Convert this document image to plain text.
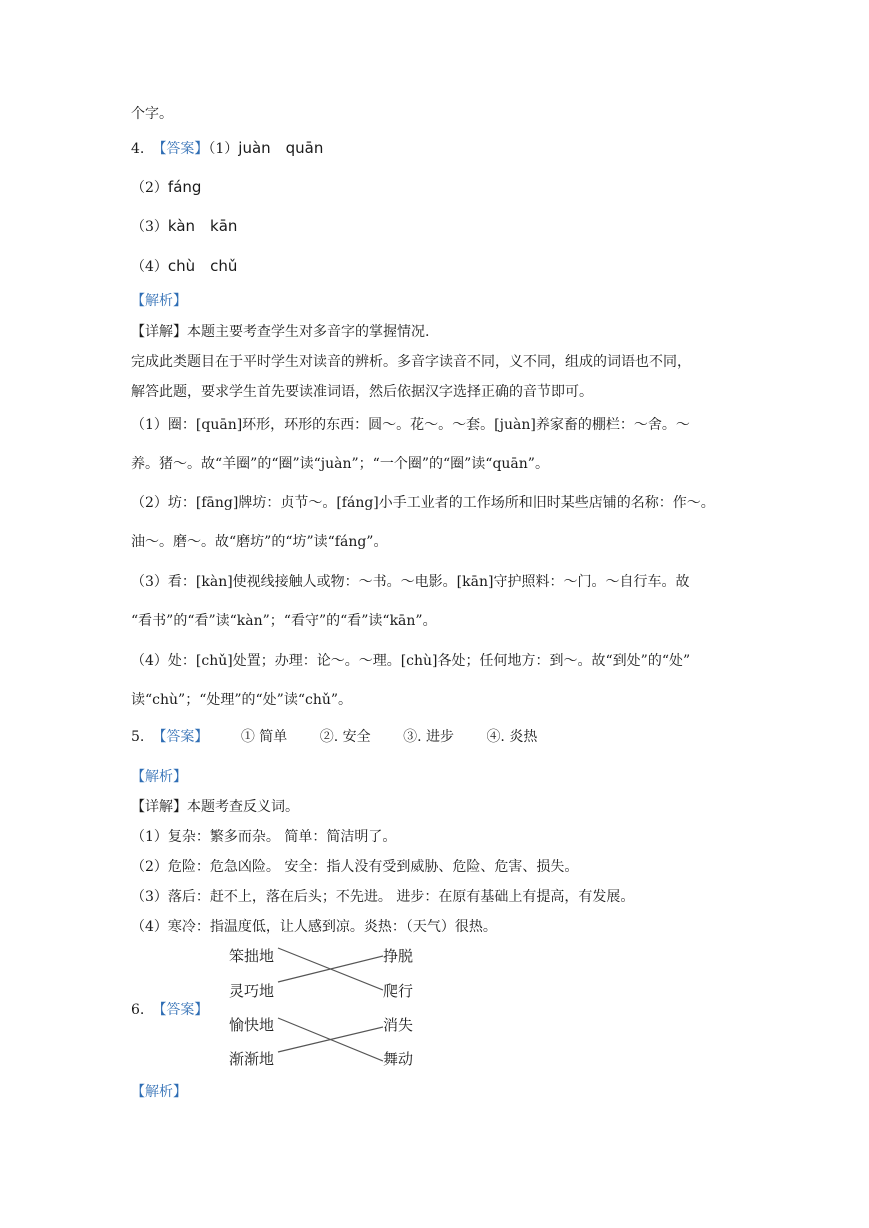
个字。
4. 【答案】（1）juàn　quān
（2）fáng
（3）kàn　kān
（4）chù　chǔ
【解析】
【详解】本题主要考查学生对多音字的掌握情况.
完成此类题目在于平时学生对读音的辨析。多音字读音不同，义不同，组成的词语也不同，
解答此题，要求学生首先要读准词语，然后依据汉字选择正确的音节即可。
（1）圈：[quān]环形，环形的东西：圆～。花～。～套。[juàn]养家畜的棚栏：～舍。～
养。猪～。故“羊圈”的“圈”读“juàn”；“一个圈”的“圈”读“quān”。
（2）坊：[fāng]牌坊：贞节～。[fáng]小手工业者的工作场所和旧时某些店铺的名称：作～。
油～。磨～。故“磨坊”的“坊”读“fáng”。
（3）看：[kàn]使视线接触人或物：～书。～电影。[kān]守护照料：～门。～自行车。故
“看书”的“看”读“kàn”；“看守”的“看”读“kān”。
（4）处：[chǔ]处置；办理：论～。～理。[chù]各处；任何地方：到～。故“到处”的“处”
读“chù”；“处理”的“处”读“chǔ”。
5. 【答案】 ① 简单 ②. 安全 ③. 进步 ④. 炎热
【解析】
【详解】本题考查反义词。
（1）复杂：繁多而杂。 简单：简洁明了。
（2）危险：危急凶险。 安全：指人没有受到威胁、危险、危害、损失。
（3）落后：赶不上，落在后头；不先进。 进步：在原有基础上有提高，有发展。
（4）寒冷：指温度低，让人感到凉。炎热：（天气）很热。
6. 【答案】
笨拙地
灵巧地
愉快地
渐渐地
挣脱
爬行
消失
舞动
【解析】
